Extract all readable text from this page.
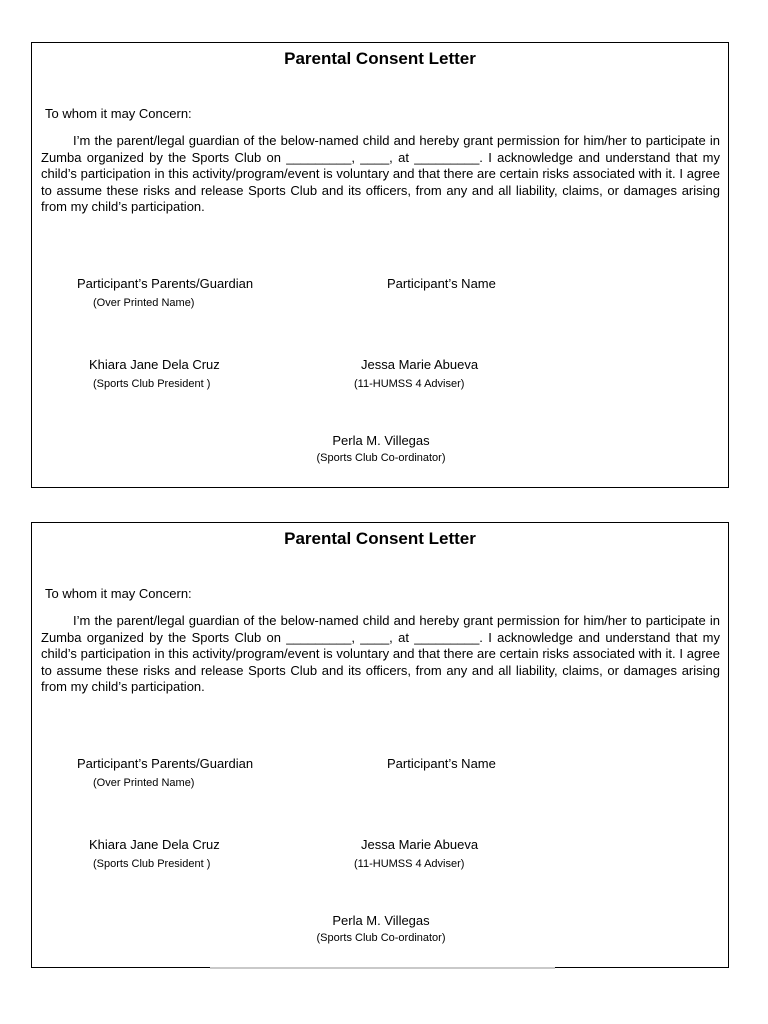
Parental Consent Letter
To whom it may Concern:
I’m the parent/legal guardian of the below-named child and hereby grant permission for him/her to participate in Zumba organized by the Sports Club on _________, ____, at _________. I acknowledge and understand that my child’s participation in this activity/program/event is voluntary and that there are certain risks associated with it. I agree to assume these risks and release Sports Club and its officers, from any and all liability, claims, or damages arising from my child’s participation.
Participant’s Parents/Guardian
(Over Printed Name)
Participant’s Name
Khiara Jane Dela Cruz
(Sports Club President )
Jessa Marie Abueva
(11-HUMSS 4 Adviser)
Perla M. Villegas
(Sports Club Co-ordinator)
Parental Consent Letter
To whom it may Concern:
I’m the parent/legal guardian of the below-named child and hereby grant permission for him/her to participate in Zumba organized by the Sports Club on _________, ____, at _________. I acknowledge and understand that my child’s participation in this activity/program/event is voluntary and that there are certain risks associated with it. I agree to assume these risks and release Sports Club and its officers, from any and all liability, claims, or damages arising from my child’s participation.
Participant’s Parents/Guardian
(Over Printed Name)
Participant’s Name
Khiara Jane Dela Cruz
(Sports Club President )
Jessa Marie Abueva
(11-HUMSS 4 Adviser)
Perla M. Villegas
(Sports Club Co-ordinator)
